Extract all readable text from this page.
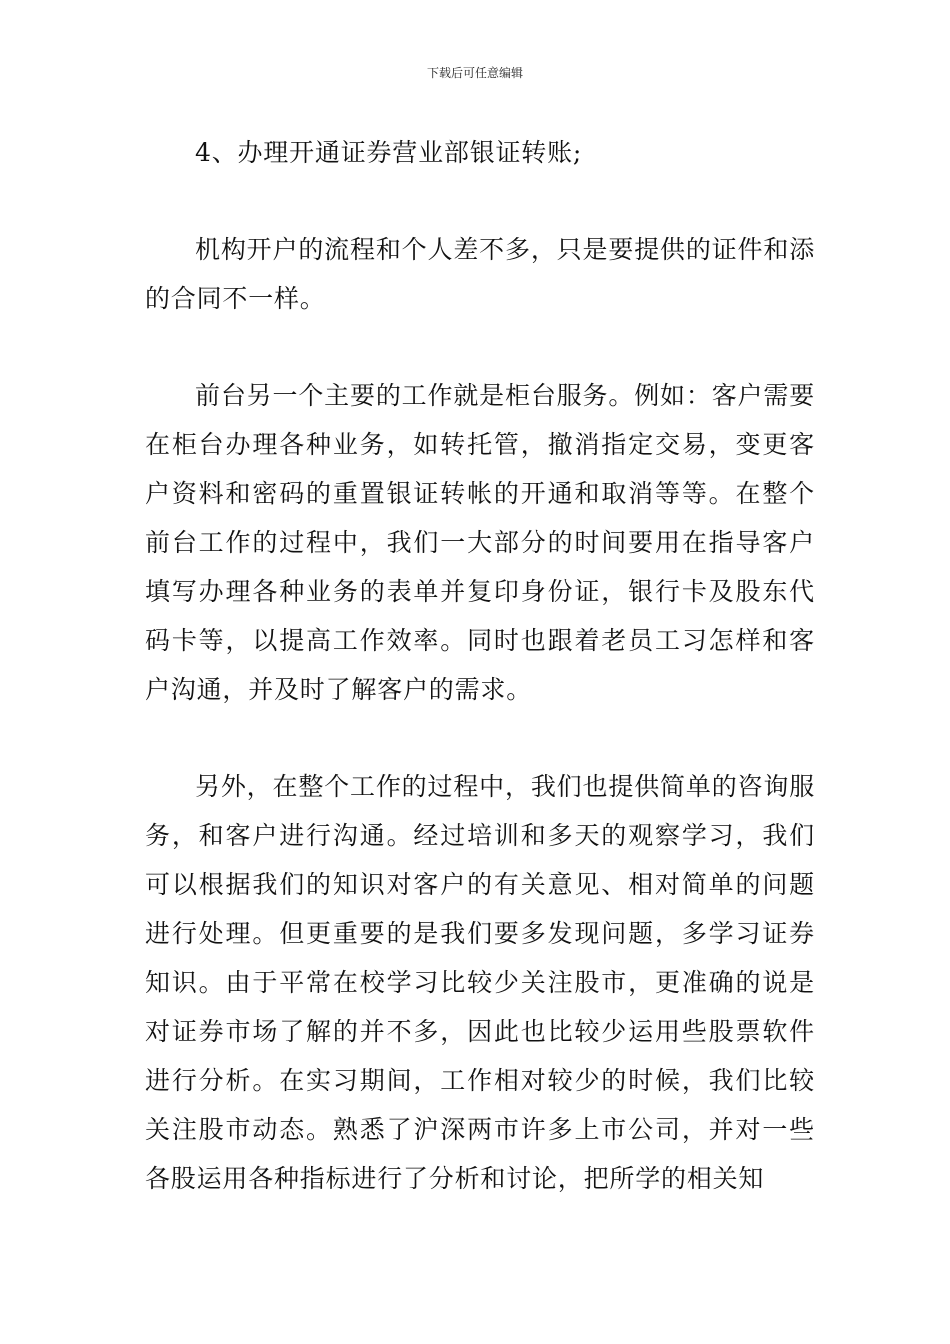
下载后可任意编辑

4、办理开通证券营业部银证转账;

机构开户的流程和个人差不多，只是要提供的证件和添的合同不一样。

前台另一个主要的工作就是柜台服务。例如：客户需要在柜台办理各种业务，如转托管，撤消指定交易，变更客户资料和密码的重置银证转帐的开通和取消等等。在整个前台工作的过程中，我们一大部分的时间要用在指导客户填写办理各种业务的表单并复印身份证，银行卡及股东代码卡等，以提高工作效率。同时也跟着老员工习怎样和客户沟通，并及时了解客户的需求。

另外，在整个工作的过程中，我们也提供简单的咨询服务，和客户进行沟通。经过培训和多天的观察学习，我们可以根据我们的知识对客户的有关意见、相对简单的问题进行处理。但更重要的是我们要多发现问题，多学习证券知识。由于平常在校学习比较少关注股市，更准确的说是对证券市场了解的并不多，因此也比较少运用些股票软件进行分析。在实习期间，工作相对较少的时候，我们比较关注股市动态。熟悉了沪深两市许多上市公司，并对一些各股运用各种指标进行了分析和讨论，把所学的相关知
